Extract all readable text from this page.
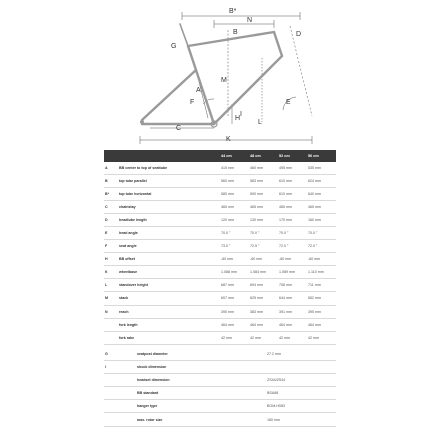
B*
B
N
D
G
M
F
A
I
H
E
C
L
K
		44 cm	48 cm	52 cm	56 cm
A	BB center to top of seattube	415 mm	460 mm	495 mm	535 mm
B	top tube parallel	560 mm	583 mm	610 mm	624 mm
B*	top tube horizontal	580 mm	590 mm	610 mm	640 mm
C	chainstay	465 mm	465 mm	465 mm	465 mm
D	headtube length	120 mm	130 mm	170 mm	160 mm
E	head angle	70.0 °	70.0 °	70.0 °	70.0 °
F	seat angle	73.0 °	72.5 °	72.0 °	72.0 °
H	BB offset	-60 mm	-60 mm	-60 mm	-60 mm
K	wheelbase	1.088 mm	1.084 mm	1.089 mm	1.110 mm
L	standover height	687 mm	694 mm	708 mm	711 mm
M	stack	607 mm	625 mm	644 mm	652 mm
N	reach	390 mm	383 mm	391 mm	395 mm
	fork length	464 mm	464 mm	464 mm	464 mm
	fork rake	42 mm	42 mm	42 mm	42 mm
G	seatpost diameter	27.2 mm
I	shock dimension	
	headset dimension	ZS44/ZS44
	BB standard	BSA68
	hanger type	BOM-H083
	max. rotor size	180 mm
